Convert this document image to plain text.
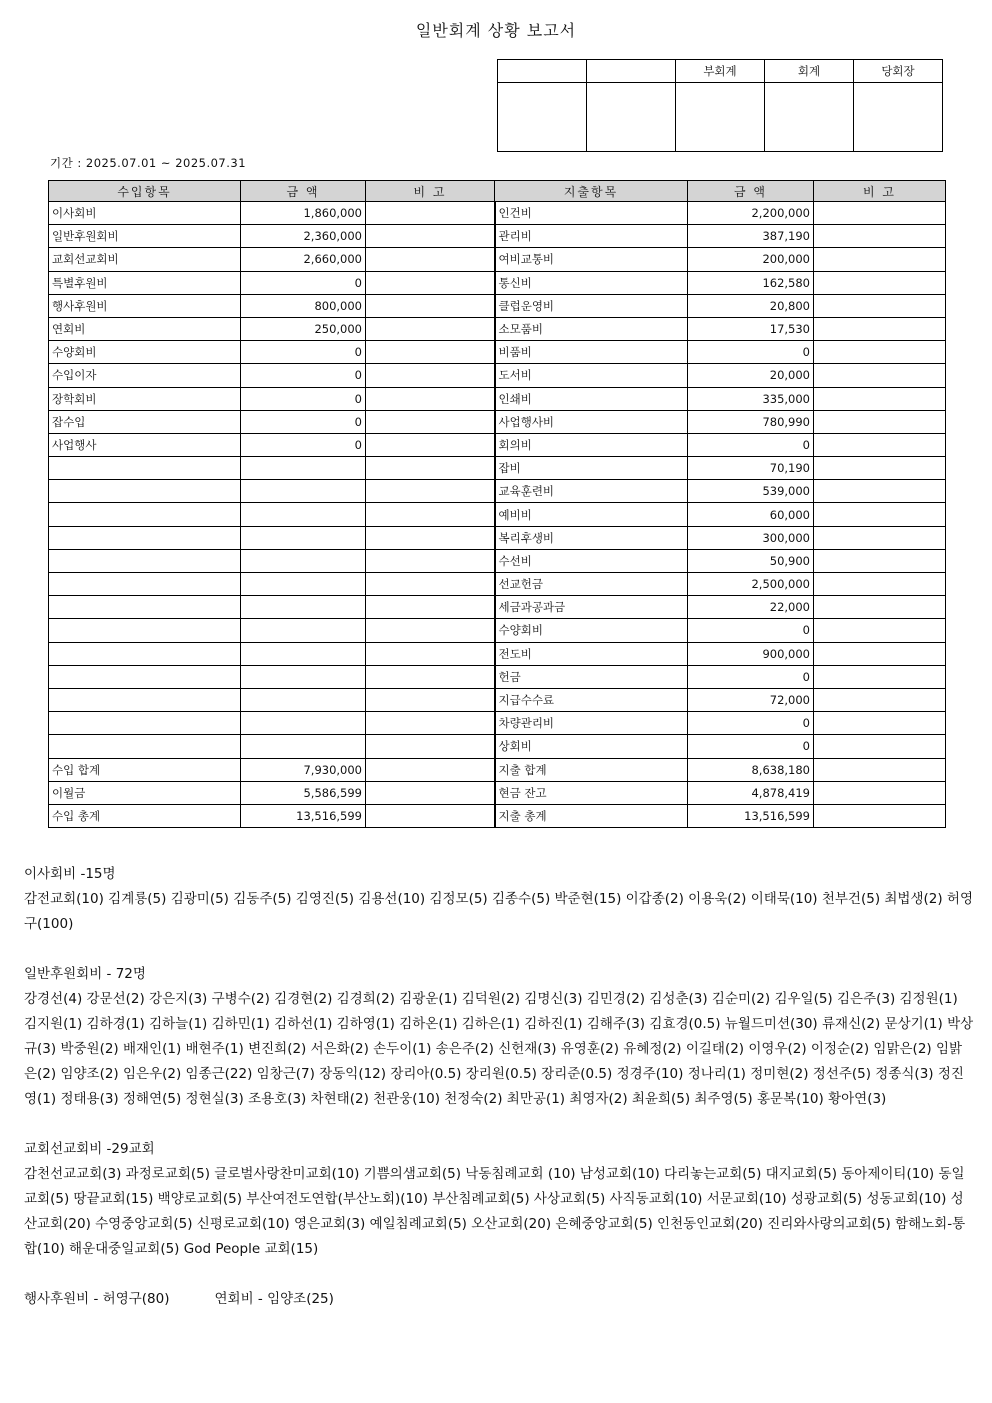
일반회계 상황 보고서
		부회계	회계	당회장

기간 : 2025.07.01 ~ 2025.07.31
수입항목	금 액	비 고	지출항목	금 액	비 고
이사회비	1,860,000		인건비	2,200,000	
일반후원회비	2,360,000		관리비	387,190	
교회선교회비	2,660,000		여비교통비	200,000	
특별후원비	0		통신비	162,580	
행사후원비	800,000		클럽운영비	20,800	
연회비	250,000		소모품비	17,530	
수양회비	0		비품비	0	
수입이자	0		도서비	20,000	
장학회비	0		인쇄비	335,000	
잡수입	0		사업행사비	780,990	
사업행사	0		회의비	0	
			잡비	70,190	
			교육훈련비	539,000	
			예비비	60,000	
			복리후생비	300,000	
			수선비	50,900	
			선교헌금	2,500,000	
			세금과공과금	22,000	
			수양회비	0	
			전도비	900,000	
			헌금	0	
			지급수수료	72,000	
			차량관리비	0	
			상회비	0	
수입 합계	7,930,000		지출 합계	8,638,180	
이월금	5,586,599		현금 잔고	4,878,419	
수입 총계	13,516,599		지출 총계	13,516,599	

이사회비 -15명

감전교회(10) 김계룡(5) 김광미(5) 김동주(5) 김영진(5) 김용선(10) 김정모(5) 김종수(5) 박준현(15) 이갑종(2) 이용욱(2) 이태묵(10) 천부건(5) 최법생(2) 허영구(100)

일반후원회비 - 72명

강경선(4) 강문선(2) 강은지(3) 구병수(2) 김경현(2) 김경희(2) 김광운(1) 김덕원(2) 김명신(3) 김민경(2) 김성춘(3) 김순미(2) 김우일(5) 김은주(3) 김정원(1) 김지원(1) 김하경(1) 김하늘(1) 김하민(1) 김하선(1) 김하영(1) 김하온(1) 김하은(1) 김하진(1) 김해주(3) 김효경(0.5) 뉴월드미션(30) 류재신(2) 문상기(1) 박상규(3) 박중원(2) 배재인(1) 배현주(1) 변진희(2) 서은화(2) 손두이(1) 송은주(2) 신헌재(3) 유영훈(2) 유혜정(2) 이길태(2) 이영우(2) 이정순(2) 임맑은(2) 임밝은(2) 임양조(2) 임은우(2) 임종근(22) 임창근(7) 장동익(12) 장리아(0.5) 장리원(0.5) 장리준(0.5) 정경주(10) 정나리(1) 정미현(2) 정선주(5) 정종식(3) 정진영(1) 정태용(3) 정해연(5) 정현실(3) 조용호(3) 차현태(2) 천관웅(10) 천정숙(2) 최만공(1) 최영자(2) 최윤희(5) 최주영(5) 홍문복(10) 황아연(3)

교회선교회비 -29교회

감천선교교회(3) 과정로교회(5) 글로벌사랑찬미교회(10) 기쁨의샘교회(5) 낙동침례교회 (10) 남성교회(10) 다리놓는교회(5) 대지교회(5) 동아제이티(10) 동일교회(5) 땅끝교회(15) 백양로교회(5) 부산여전도연합(부산노회)(10) 부산침례교회(5) 사상교회(5) 사직동교회(10) 서문교회(10) 성광교회(5) 성동교회(10) 성산교회(20) 수영중앙교회(5) 신평로교회(10) 영은교회(3) 예일침례교회(5) 오산교회(20) 은혜중앙교회(5) 인천동인교회(20) 진리와사랑의교회(5) 함해노회-통합(10) 해운대중일교회(5) God People 교회(15)

행사후원비 - 허영구(80)	연회비 - 임양조(25)
